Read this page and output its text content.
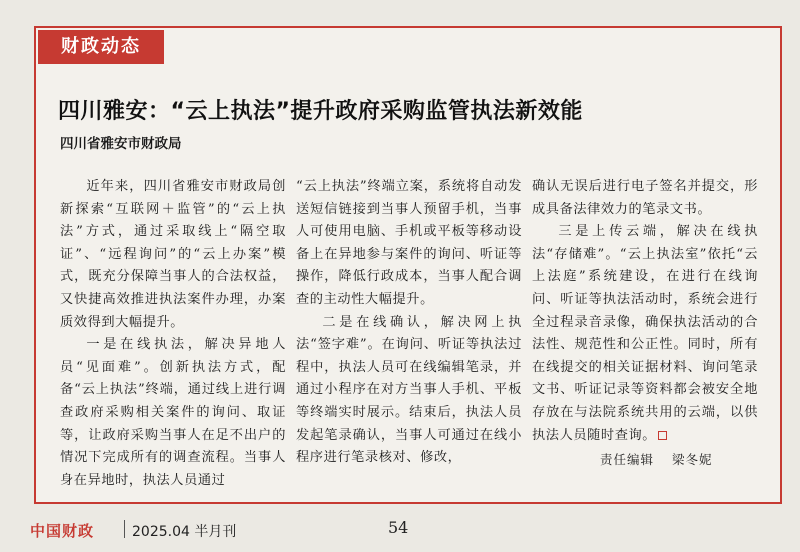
财政动态
四川雅安：“云上执法”提升政府采购监管执法新效能

四川省雅安市财政局

近年来，四川省雅安市财政局创新探索“互联网＋监管”的“云上执法”方式，通过采取线上“隔空取证”、“远程询问”的“云上办案”模式，既充分保障当事人的合法权益，又快捷高效推进执法案件办理，办案质效得到大幅提升。

一是在线执法，解决异地人员“见面难”。创新执法方式，配备“云上执法”终端，通过线上进行调查政府采购相关案件的询问、取证等，让政府采购当事人在足不出户的情况下完成所有的调查流程。当事人身在异地时，执法人员通过

“云上执法”终端立案，系统将自动发送短信链接到当事人预留手机，当事人可使用电脑、手机或平板等移动设备上在异地参与案件的询问、听证等操作，降低行政成本，当事人配合调查的主动性大幅提升。

二是在线确认，解决网上执法“签字难”。在询问、听证等执法过程中，执法人员可在线编辑笔录，并通过小程序在对方当事人手机、平板等终端实时展示。结束后，执法人员发起笔录确认，当事人可通过在线小程序进行笔录核对、修改，

确认无误后进行电子签名并提交，形成具备法律效力的笔录文书。

三是上传云端，解决在线执法“存储难”。“云上执法室”依托“云上法庭”系统建设，在进行在线询问、听证等执法活动时，系统会进行全过程录音录像，确保执法活动的合法性、规范性和公正性。同时，所有在线提交的相关证据材料、询问笔录文书、听证记录等资料都会被安全地存放在与法院系统共用的云端，以供执法人员随时查询。

责任编辑 梁冬妮
中国财政	2025.04 半月刊	54
